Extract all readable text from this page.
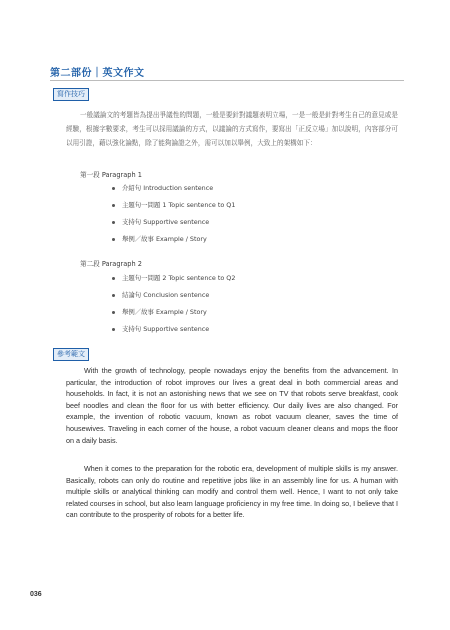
第二部份｜英文作文
寫作技巧

一般議論文的考題皆為提出爭議性的問題，一般是要針對議題表明立場，一是一般是針對考生自己的意見或是經驗，根據字數要求，考生可以採用議論的方式，以議論的方式寫作，要寫出「正反立場」加以說明，內容部分可以用引證，藉以強化論點，除了能夠論證之外，需可以加以舉例，大致上的架構如下：

第一段 Paragraph 1
介紹句 Introduction sentence
主題句一問題 1 Topic sentence to Q1
支持句 Supportive sentence
舉例／故事 Example / Story
第二段 Paragraph 2
主題句一問題 2 Topic sentence to Q2
結論句 Conclusion sentence
舉例／故事 Example / Story
支持句 Supportive sentence
參考範文

With the growth of technology, people nowadays enjoy the benefits from the advancement. In particular, the introduction of robot improves our lives a great deal in both commercial areas and households. In fact, it is not an astonishing news that we see on TV that robots serve breakfast, cook beef noodles and clean the floor for us with better efficiency. Our daily lives are also changed. For example, the invention of robotic vacuum, known as robot vacuum cleaner, saves the time of housewives. Traveling in each corner of the house, a robot vacuum cleaner cleans and mops the floor on a daily basis.

When it comes to the preparation for the robotic era, development of multiple skills is my answer. Basically, robots can only do routine and repetitive jobs like in an assembly line for us. A human with multiple skills or analytical thinking can modify and control them well. Hence, I want to not only take related courses in school, but also learn language proficiency in my free time. In doing so, I believe that I can contribute to the prosperity of robots for a better life.

036
